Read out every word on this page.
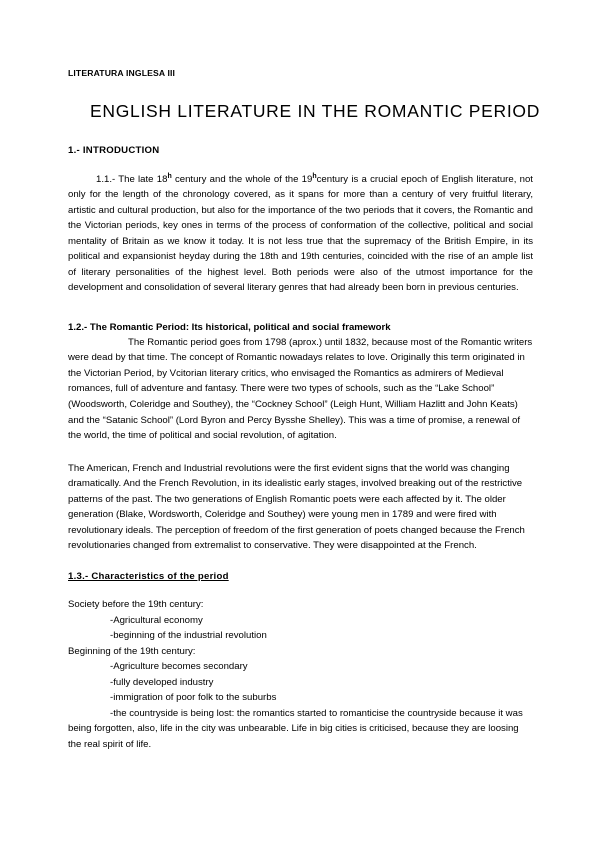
LITERATURA INGLESA III
ENGLISH LITERATURE IN THE ROMANTIC PERIOD
1.- INTRODUCTION

1.1.- The late 18$^h$ century and the whole of the 19$^h$century is a crucial epoch of English literature, not only for the length of the chronology covered, as it spans for more than a century of very fruitful literary, artistic and cultural production, but also for the importance of the two periods that it covers, the Romantic and the Victorian periods, key ones in terms of the process of conformation of the collective, political and social mentality of Britain as we know it today. It is not less true that the supremacy of the British Empire, in its political and expansionist heyday during the 18th and 19th centuries, coincided with the rise of an ample list of literary personalities of the highest level. Both periods were also of the utmost importance for the development and consolidation of several literary genres that had already been born in previous centuries.

1.2.- The Romantic Period: Its historical, political and social framework

The Romantic period goes from 1798 (aprox.) until 1832, because most of the Romantic writers were dead by that time. The concept of Romantic nowadays relates to love. Originally this term originated in the Victorian Period, by Vcitorian literary critics, who envisaged the Romantics as admirers of Medieval romances, full of adventure and fantasy. There were two types of schools, such as the “Lake School” (Woodsworth, Coleridge and Southey), the “Cockney School” (Leigh Hunt, William Hazlitt and John Keats) and the “Satanic School” (Lord Byron and Percy Bysshe Shelley). This was a time of promise, a renewal of the world, the time of political and social revolution, of agitation.

The American, French and Industrial revolutions were the first evident signs that the world was changing dramatically. And the French Revolution, in its idealistic early stages, involved breaking out of the restrictive patterns of the past. The two generations of English Romantic poets were each affected by it. The older generation (Blake, Wordsworth, Coleridge and Southey) were young men in 1789 and were fired with revolutionary ideals. The perception of freedom of the first generation of poets changed because the French revolutionaries changed from extremalist to conservative. They were disappointed at the French.

1.3.- Characteristics of the period

Society before the 19th century:

-Agricultural economy

-beginning of the industrial revolution

Beginning of the 19th century:

-Agriculture becomes secondary

-fully developed industry

-immigration of poor folk to the suburbs

-the countryside is being lost: the romantics started to romanticise the countryside because it was being forgotten, also, life in the city was unbearable. Life in big cities is criticised, because they are loosing the real spirit of life.
